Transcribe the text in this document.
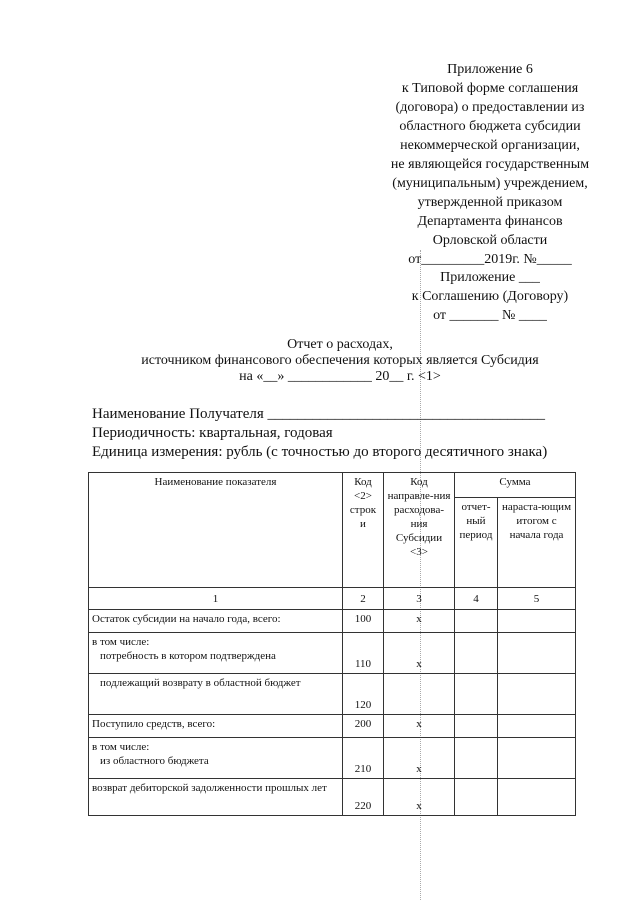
Приложение 6
к Типовой форме соглашения
(договора) о предоставлении из
областного бюджета субсидии
некоммерческой организации,
не являющейся государственным
(муниципальным) учреждением,
утвержденной приказом
Департамента финансов
Орловской области
от_________2019г. №_____
Приложение ___
к Соглашению (Договору)
от _______ № ____
Отчет о расходах,
источником финансового обеспечения которых является Субсидия
на «__» ____________ 20__ г. <1>
Наименование Получателя _____________________________________
Периодичность: квартальная, годовая
Единица измерения: рубль (с точностью до второго десятичного знака)
Наименование показателя	Код <2> строк и	Код направле-ния расходова-ния Субсидии <3>	Сумма	
			отчет-ный период	нараста-ющим итогом с начала года
1	2	3	4	5
Остаток субсидии на начало года, всего:	100	x		
в том числе:
потребность в котором подтверждена	110	x		

подлежащий возврату в областной бюджет	120			
Поступило средств, всего:	200	x		
в том числе:
из областного бюджета	210	x		
возврат дебиторской задолженности прошлых лет	220	x		
